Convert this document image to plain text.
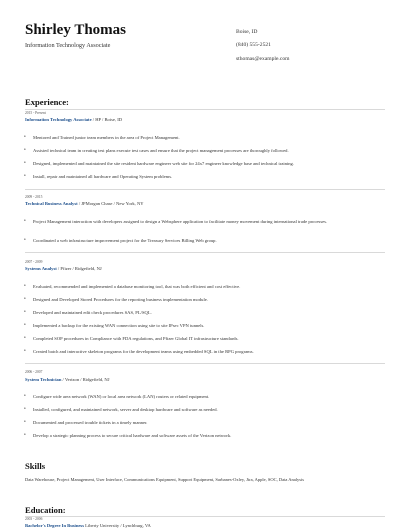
Shirley Thomas
Information Technology Associate
Boise, ID
(840) 555-2521
sthomas@example.com
Experience:
2015 - Present
Information Technology Associate / HP / Boise, ID
•	Mentored and Trained junior team members in the area of Project Management.
•	Assisted technical team in creating test plans execute test cases and ensure that the project management processes are thoroughly followed.
•	Designed, implemented and maintained the site resident hardware engineer web site for 24x7 engineer knowledge base and technical training.
•	Install, repair and maintained all hardware and Operating System problems.
2009 - 2015
Technical Business Analyst / JPMorgan Chase / New York, NY
•	Project Management interaction with developers assigned to design a Webspherе application to facilitate money movement during international trade processes.
•	Coordinated a web infrastructure improvement project for the Treasury Services Billing Web group.
2007 - 2009
Systems Analyst / Pfizer / Ridgefield, NJ
•	Evaluated, recommended and implemented a database monitoring tool, that was both efficient and cost effective.
•	Designed and Developed Stored Procedures for the reporting business implementation module.
•	Developed and maintained edit check procedures SAS, PL/SQL.
•	Implemented a backup for the existing WAN connection using site to site IPsec VPN tunnels.
•	Completed SOP procedures in Compliance with FDA regulations, and Pfizer Global IT infrastructure standards.
•	Created batch and interactive skeleton programs for the development teams using embedded SQL in the RPG programs.
2006 - 2007
System Technician / Verizon / Ridgefield, NJ
•	Configure wide area network (WAN) or local area network (LAN) routers or related equipment.
•	Installed, configured, and maintained network, server and desktop hardware and software as needed.
•	Documented and processed trouble tickets in a timely manner.
•	Develop a strategic planning process to secure critical hardware and software assets of the Verizon network.
Skills
Data Warehouse, Project Management, User Interface, Communications Equipment, Support Equipment, Sarbanes-Oxley, Jira, Apple, SOC, Data Analysis
Education:
2003 - 2006
Bachelor's Degree In Business Liberty University / Lynchburg, VA
